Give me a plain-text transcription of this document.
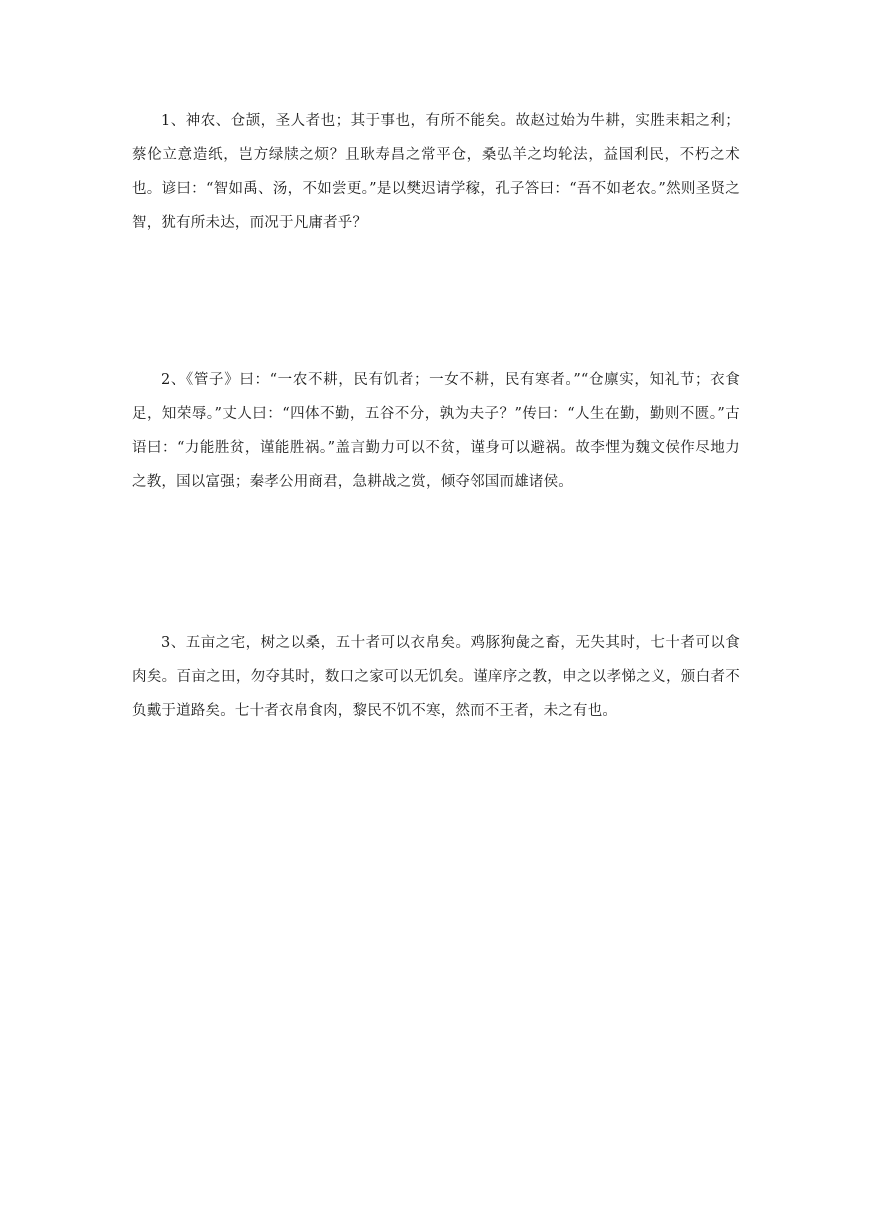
1、神农、仓颉，圣人者也；其于事也，有所不能矣。故赵过始为牛耕，实胜耒耜之利；蔡伦立意造纸，岂方绿牍之烦？且耿寿昌之常平仓，桑弘羊之均轮法，益国利民，不朽之术也。谚曰：“智如禹、汤，不如尝更。”是以樊迟请学稼，孔子答曰：“吾不如老农。”然则圣贤之智，犹有所未达，而况于凡庸者乎？

2、《管子》曰：“一农不耕，民有饥者；一女不耕，民有寒者。”“仓廪实，知礼节；衣食足，知荣辱。”丈人曰：“四体不勤，五谷不分，孰为夫子？”传曰：“人生在勤，勤则不匮。”古语曰：“力能胜贫，谨能胜祸。”盖言勤力可以不贫，谨身可以避祸。故李悝为魏文侯作尽地力之教，国以富强；秦孝公用商君，急耕战之赏，倾夺邻国而雄诸侯。

3、五亩之宅，树之以桑，五十者可以衣帛矣。鸡豚狗彘之畜，无失其时，七十者可以食肉矣。百亩之田，勿夺其时，数口之家可以无饥矣。谨庠序之教，申之以孝悌之义，颁白者不负戴于道路矣。七十者衣帛食肉，黎民不饥不寒，然而不王者，未之有也。
